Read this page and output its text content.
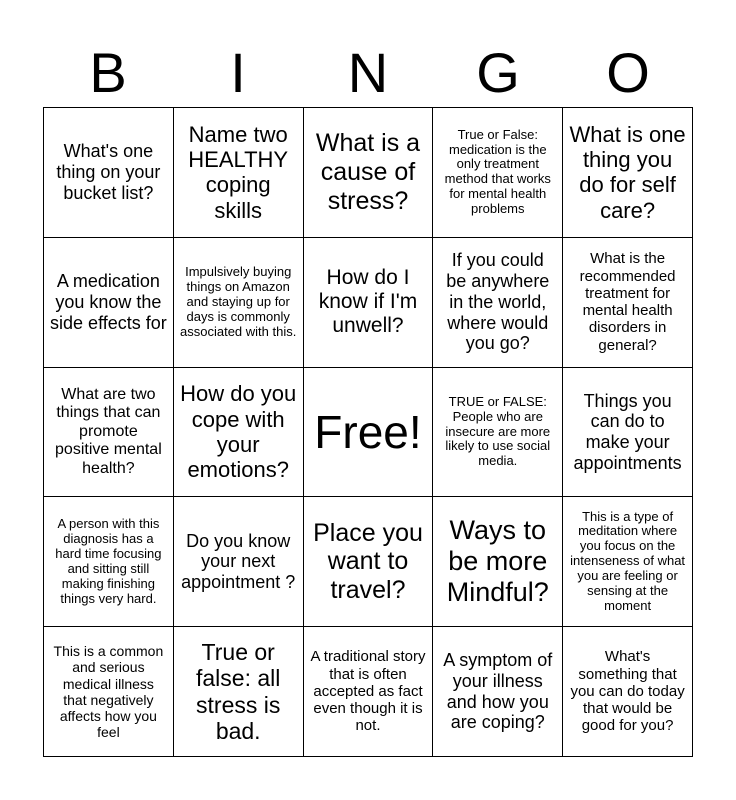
B	I	N	G	O
What's one thing on your bucket list?
Name two HEALTHY coping skills
What is a cause of stress?
True or False: medication is the only treatment method that works for mental health problems
What is one thing you do for self care?
A medication you know the side effects for
Impulsively buying things on Amazon and staying up for days is commonly associated with this.
How do I know if I'm unwell?
If you could be anywhere in the world, where would you go?
What is the recommended treatment for mental health disorders in general?
What are two things that can promote positive mental health?
How do you cope with your emotions?
Free!
TRUE or FALSE: People who are insecure are more likely to use social media.
Things you can do to make your appointments
A person with this diagnosis has a hard time focusing and sitting still making finishing things very hard.
Do you know your next appointment ?
Place you want to travel?
Ways to be more Mindful?
This is a type of meditation where you focus on the intenseness of what you are feeling or sensing at the moment
This is a common and serious medical illness that negatively affects how you feel
True or false: all stress is bad.
A traditional story that is often accepted as fact even though it is not.
A symptom of your illness and how you are coping?
What's something that you can do today that would be good for you?
